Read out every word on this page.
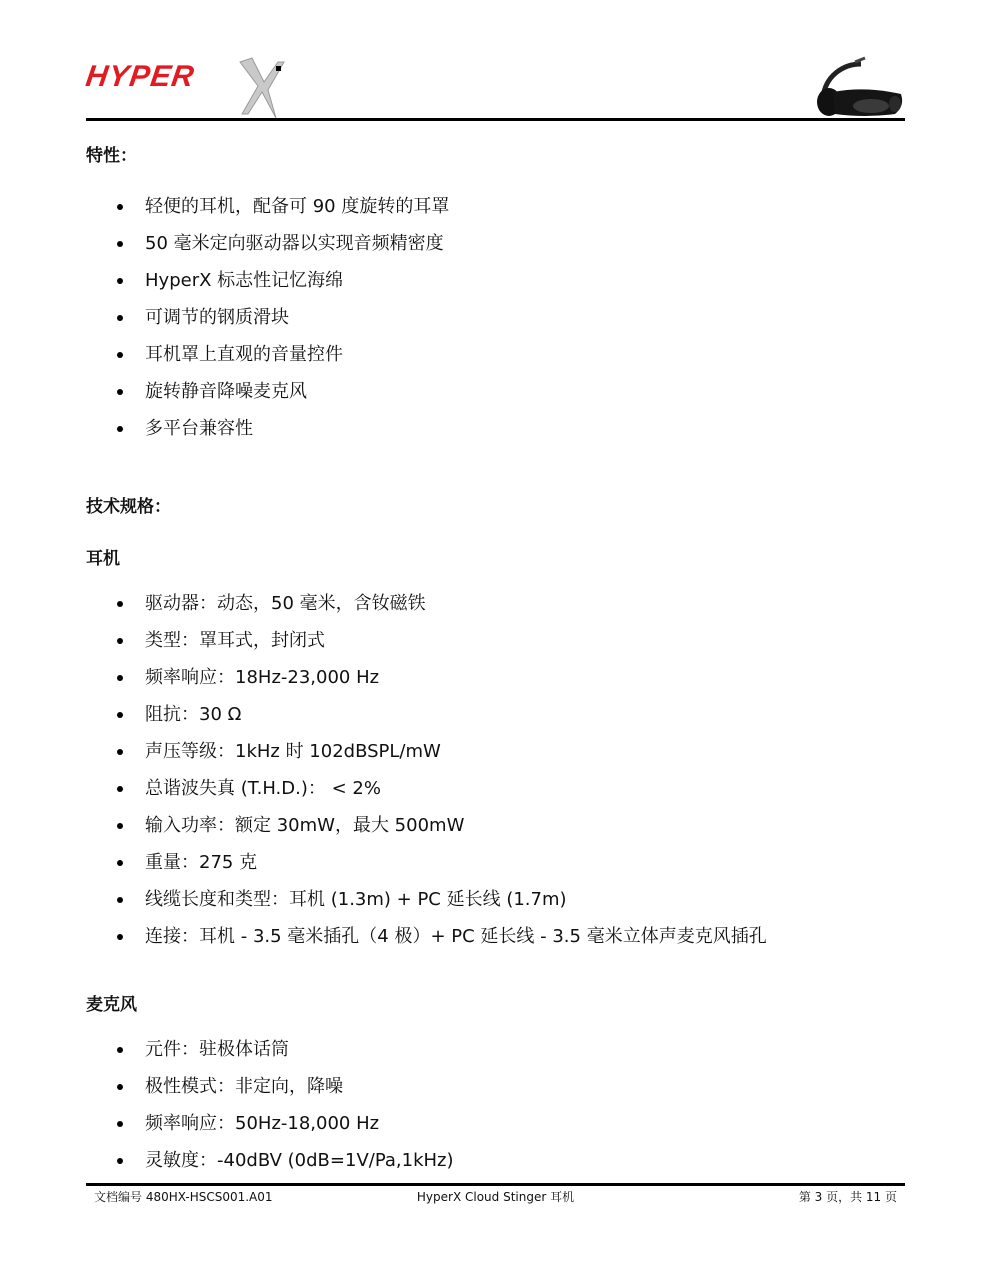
HYPER
特性：
轻便的耳机，配备可 90 度旋转的耳罩
50 毫米定向驱动器以实现音频精密度
HyperX 标志性记忆海绵
可调节的钢质滑块
耳机罩上直观的音量控件
旋转静音降噪麦克风
多平台兼容性
技术规格：
耳机
驱动器：动态，50 毫米，含钕磁铁
类型：罩耳式，封闭式
频率响应：18Hz-23,000 Hz
阻抗：30 Ω
声压等级：1kHz 时 102dBSPL/mW
总谐波失真 (T.H.D.)： < 2%
输入功率：额定 30mW，最大 500mW
重量：275 克
线缆长度和类型：耳机 (1.3m) + PC 延长线 (1.7m)
连接：耳机 - 3.5 毫米插孔（4 极）+ PC 延长线 - 3.5 毫米立体声麦克风插孔
麦克风
元件：驻极体话筒
极性模式：非定向，降噪
频率响应：50Hz-18,000 Hz
灵敏度：-40dBV (0dB=1V/Pa,1kHz)
文档编号 480HX-HSCS001.A01	HyperX Cloud Stinger 耳机	第 3 页，共 11 页
